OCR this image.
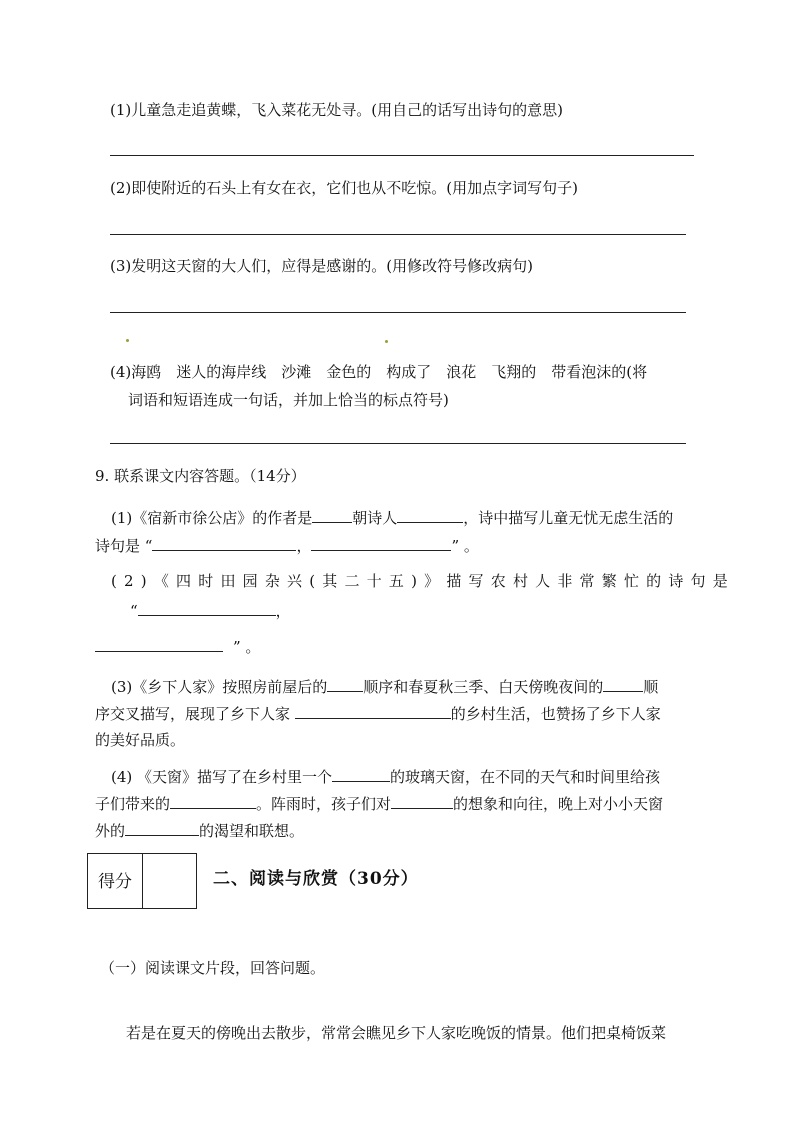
(1)儿童急走追黄蝶，飞入菜花无处寻。(用自己的话写出诗句的意思)
(2)即使附近的石头上有女在衣，它们也从不吃惊。(用加点字词写句子)
(3)发明这天窗的大人们，应得是感谢的。(用修改符号修改病句)
(4)海鸥　迷人的海岸线　沙滩　金色的　构成了　浪花　飞翔的　带看泡沫的(将
词语和短语连成一句话，并加上恰当的标点符号)
9. 联系课文内容答题。（14分）
(1)《宿新市徐公店》的作者是	朝诗人	，诗中描写儿童无忧无虑生活的
诗句是 “	，	” 。
(2)《四时田园杂兴(其二十五)》描写农村人非常繁忙的诗句是
“	，
” 。
(3)《乡下人家》按照房前屋后的 顺序和春夏秋三季、白天傍晚夜间的	顺
序交叉描写，展现了乡下人家	的乡村生活，也赞扬了乡下人家
的美好品质。
(4) 《天窗》描写了在乡村里一个	的玻璃天窗，在不同的天气和时间里给孩
子们带来的	。阵雨时，孩子们对	的想象和向往，晚上对小小天窗
外的	的渴望和联想。
得分	二、阅读与欣赏（30分）
（一）阅读课文片段，回答问题。
若是在夏天的傍晚出去散步，常常会瞧见乡下人家吃晚饭的情景。他们把桌椅饭菜
